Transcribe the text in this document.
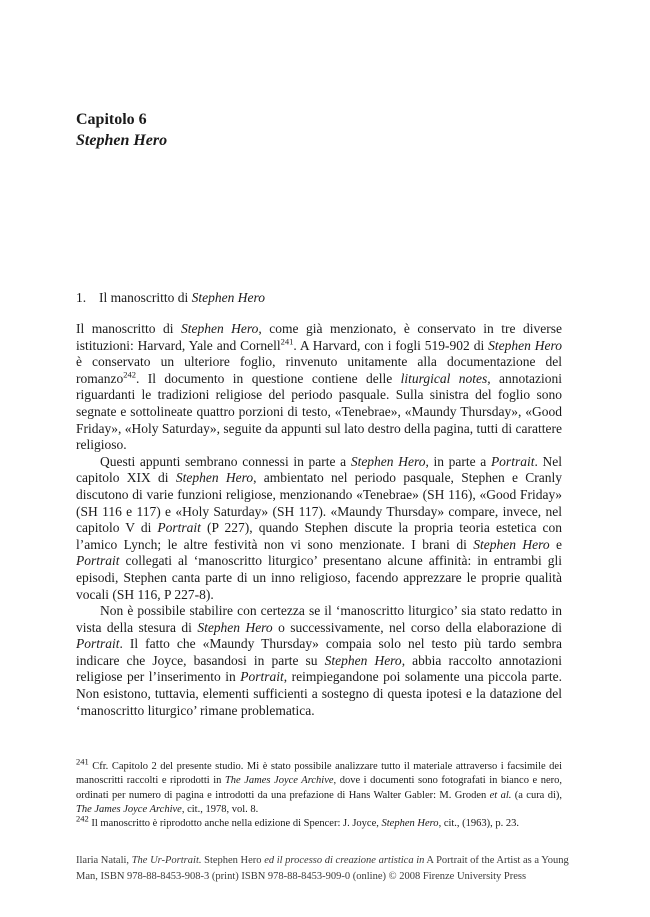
Capitolo 6
Stephen Hero
1. Il manoscritto di Stephen Hero

Il manoscritto di Stephen Hero, come già menzionato, è conservato in tre diverse istituzioni: Harvard, Yale and Cornell$^{241}$. A Harvard, con i fogli 519-902 di Stephen Hero è conservato un ulteriore foglio, rinvenuto unitamente alla documentazione del romanzo$^{242}$. Il documento in questione contiene delle liturgical notes, annotazioni riguardanti le tradizioni religiose del periodo pasquale. Sulla sinistra del foglio sono segnate e sottolineate quattro porzioni di testo, «Tenebrae», «Maundy Thursday», «Good Friday», «Holy Saturday», seguite da appunti sul lato destro della pagina, tutti di carattere religioso.

Questi appunti sembrano connessi in parte a Stephen Hero, in parte a Portrait. Nel capitolo XIX di Stephen Hero, ambientato nel periodo pasquale, Stephen e Cranly discutono di varie funzioni religiose, menzionando «Tenebrae» (SH 116), «Good Friday» (SH 116 e 117) e «Holy Saturday» (SH 117). «Maundy Thursday» compare, invece, nel capitolo V di Portrait (P 227), quando Stephen discute la propria teoria estetica con l’amico Lynch; le altre festività non vi sono menzionate. I brani di Stephen Hero e Portrait collegati al ‘manoscritto liturgico’ presentano alcune affinità: in entrambi gli episodi, Stephen canta parte di un inno religioso, facendo apprezzare le proprie qualità vocali (SH 116, P 227-8).

Non è possibile stabilire con certezza se il ‘manoscritto liturgico’ sia stato redatto in vista della stesura di Stephen Hero o successivamente, nel corso della elaborazione di Portrait. Il fatto che «Maundy Thursday» compaia solo nel testo più tardo sembra indicare che Joyce, basandosi in parte su Stephen Hero, abbia raccolto annotazioni religiose per l’inserimento in Portrait, reimpiegandone poi solamente una piccola parte. Non esistono, tuttavia, elementi sufficienti a sostegno di questa ipotesi e la datazione del ‘manoscritto liturgico’ rimane problematica.

$^{241}$ Cfr. Capitolo 2 del presente studio. Mi è stato possibile analizzare tutto il materiale attraverso i facsimile dei manoscritti raccolti e riprodotti in The James Joyce Archive, dove i documenti sono fotografati in bianco e nero, ordinati per numero di pagina e introdotti da una prefazione di Hans Walter Gabler: M. Groden et al. (a cura di), The James Joyce Archive, cit., 1978, vol. 8.

$^{242}$ Il manoscritto è riprodotto anche nella edizione di Spencer: J. Joyce, Stephen Hero, cit., (1963), p. 23.

Ilaria Natali, The Ur-Portrait. Stephen Hero ed il processo di creazione artistica in A Portrait of the Artist as a Young Man, ISBN 978-88-8453-908-3 (print) ISBN 978-88-8453-909-0 (online) © 2008 Firenze University Press
